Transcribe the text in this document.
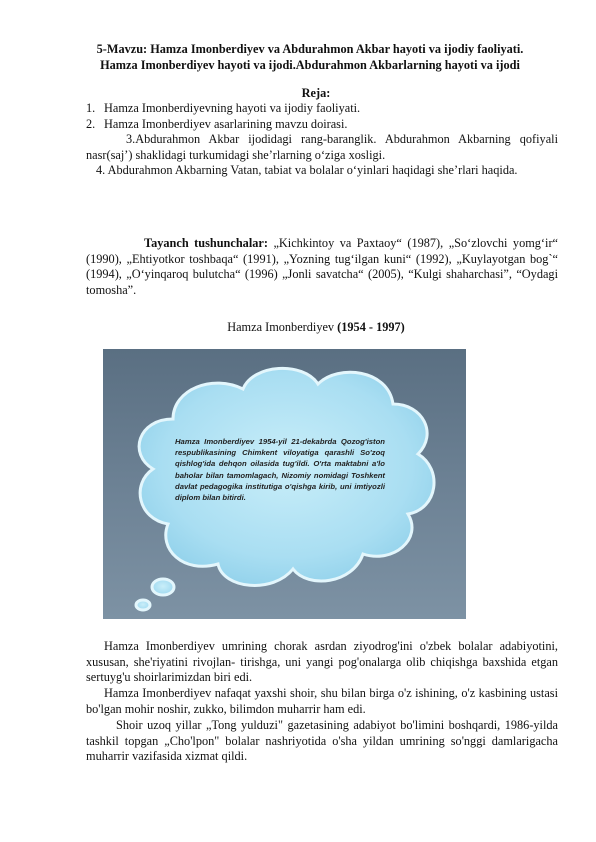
5-Mavzu: Hamza Imonberdiyev va Abdurahmon Akbar hayoti va ijodiy faoliyati. Hamza Imonberdiyev hayoti va ijodi.Abdurahmon Akbarlarning hayoti va ijodi
Reja:
1. Hamza Imonberdiyevning hayoti va ijodiy faoliyati.
2. Hamza Imonberdiyev asarlarining mavzu doirasi.
3.Abdurahmon Akbar ijodidagi rang-baranglik. Abdurahmon Akbarning qofiyali nasr(saj’) shaklidagi turkumidagi she’rlarning o‘ziga xosligi.
4. Abdurahmon Akbarning Vatan, tabiat va bolalar o‘yinlari haqidagi she’rlari haqida.
Tayanch tushunchalar: „Kichkintoy va Paxtaoy“ (1987), „So‘zlovchi yomg‘ir“ (1990), „Ehtiyotkor toshbaqa“ (1991), „Yozning tug‘ilgan kuni“ (1992), „Kuylayotgan bog`“ (1994), „O‘yinqaroq bulutcha“ (1996) „Jonli savatcha“ (2005), “Kulgi shaharchasi”, “Oydagi tomosha”.
Hamza Imonberdiyev (1954 - 1997)
Hamza Imonberdiyev 1954-yil 21-dekabrda Qozog'iston respublikasining Chimkent viloyatiga qarashli So'zoq qishlog'ida dehqon oilasida tug'ildi. O'rta maktabni a'lo baholar bilan tamomlagach, Nizomiy nomidagi Toshkent davlat pedagogika institutiga o'qishga kirib, uni imtiyozli diplom bilan bitirdi.
Hamza Imonberdiyev umrining chorak asrdan ziyodrog'ini o'zbek bolalar adabiyotini, xususan, she'riyatini rivojlan- tirishga, uni yangi pog'onalarga olib chiqishga baxshida etgan sertuyg'u shoirlarimizdan biri edi.
Hamza Imonberdiyev nafaqat yaxshi shoir, shu bilan birga o'z ishining, o'z kasbining ustasi bo'lgan mohir noshir, zukko, bilimdon muharrir ham edi.
Shoir uzoq yillar „Tong yulduzi" gazetasining adabiyot bo'limini boshqardi, 1986-yilda tashkil topgan „Cho'lpon" bolalar nashriyotida o'sha yildan umrining so'nggi damlarigacha muharrir vazifasida xizmat qildi.
